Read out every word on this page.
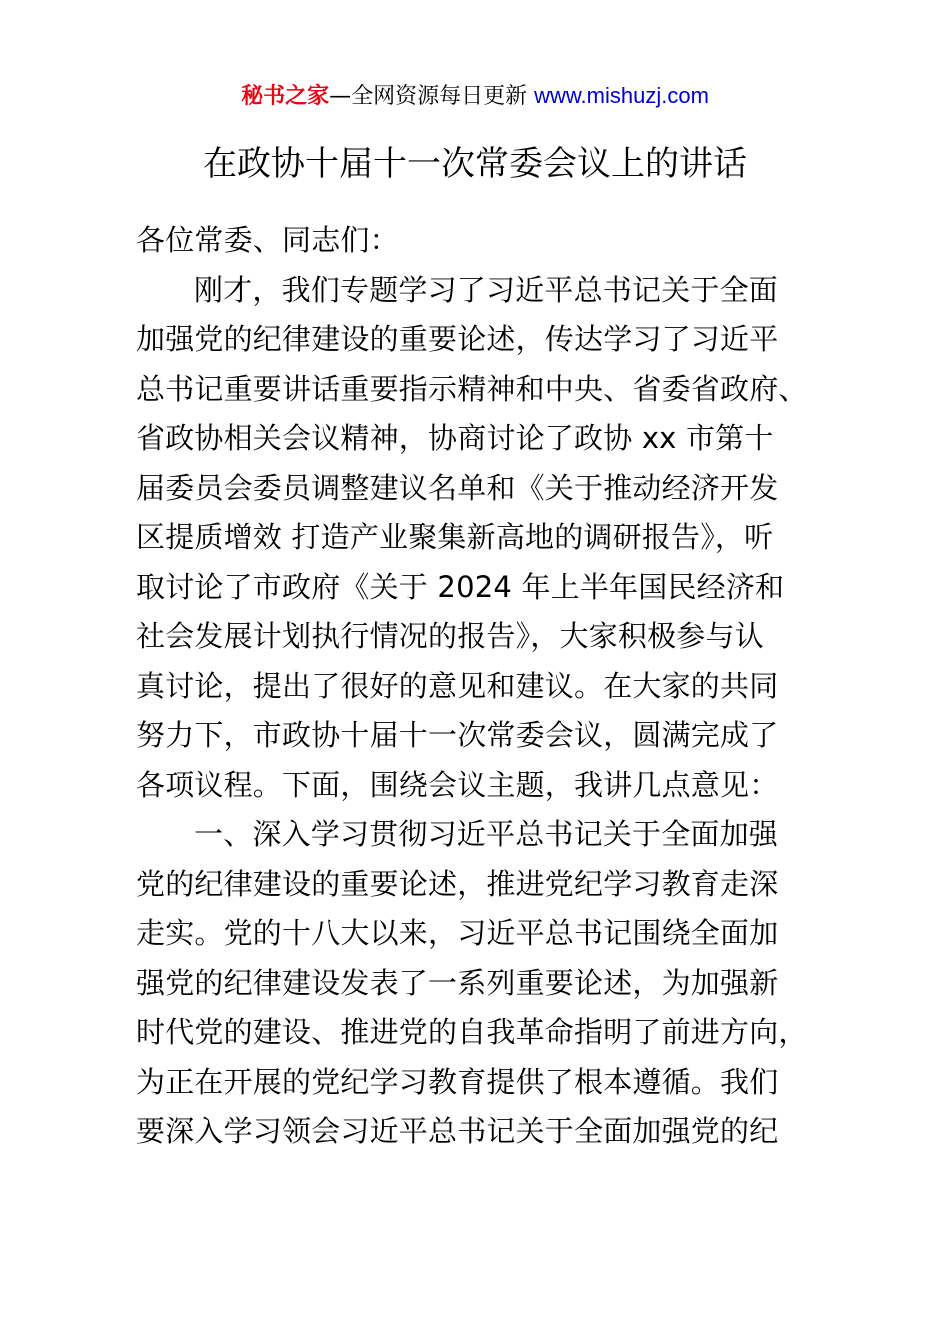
秘书之家—全网资源每日更新 www.mishuzj.com
在政协十届十一次常委会议上的讲话
各位常委、同志们：
刚才，我们专题学习了习近平总书记关于全面
加强党的纪律建设的重要论述，传达学习了习近平
总书记重要讲话重要指示精神和中央、省委省政府、
省政协相关会议精神，协商讨论了政协 xx 市第十
届委员会委员调整建议名单和《关于推动经济开发
区提质增效 打造产业聚集新高地的调研报告》，听
取讨论了市政府《关于 2024 年上半年国民经济和
社会发展计划执行情况的报告》，大家积极参与认
真讨论，提出了很好的意见和建议。在大家的共同
努力下，市政协十届十一次常委会议，圆满完成了
各项议程。下面，围绕会议主题，我讲几点意见：
一、深入学习贯彻习近平总书记关于全面加强
党的纪律建设的重要论述，推进党纪学习教育走深
走实。党的十八大以来，习近平总书记围绕全面加
强党的纪律建设发表了一系列重要论述，为加强新
时代党的建设、推进党的自我革命指明了前进方向，
为正在开展的党纪学习教育提供了根本遵循。我们
要深入学习领会习近平总书记关于全面加强党的纪
